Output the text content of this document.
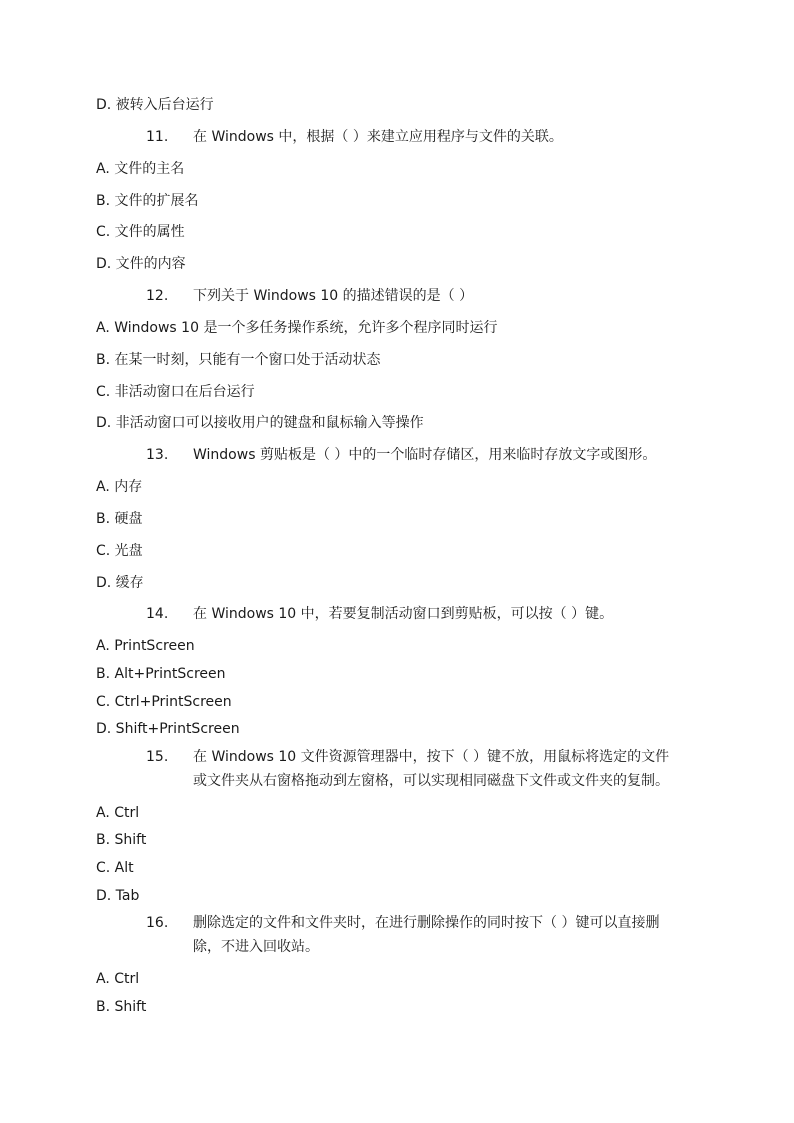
D. 被转入后台运行
11. 在 Windows 中，根据（ ）来建立应用程序与文件的关联。
A. 文件的主名
B. 文件的扩展名
C. 文件的属性
D. 文件的内容
12. 下列关于 Windows 10 的描述错误的是（ ）
A. Windows 10 是一个多任务操作系统，允许多个程序同时运行
B. 在某一时刻，只能有一个窗口处于活动状态
C. 非活动窗口在后台运行
D. 非活动窗口可以接收用户的键盘和鼠标输入等操作
13. Windows 剪贴板是（ ）中的一个临时存储区，用来临时存放文字或图形。
A. 内存
B. 硬盘
C. 光盘
D. 缓存
14. 在 Windows 10 中，若要复制活动窗口到剪贴板，可以按（ ）键。
A. PrintScreen
B. Alt+PrintScreen
C. Ctrl+PrintScreen
D. Shift+PrintScreen
15. 在 Windows 10 文件资源管理器中，按下（ ）键不放，用鼠标将选定的文件
或文件夹从右窗格拖动到左窗格，可以实现相同磁盘下文件或文件夹的复制。
A. Ctrl
B. Shift
C. Alt
D. Tab
16. 删除选定的文件和文件夹时，在进行删除操作的同时按下（ ）键可以直接删
除，不进入回收站。
A. Ctrl
B. Shift
